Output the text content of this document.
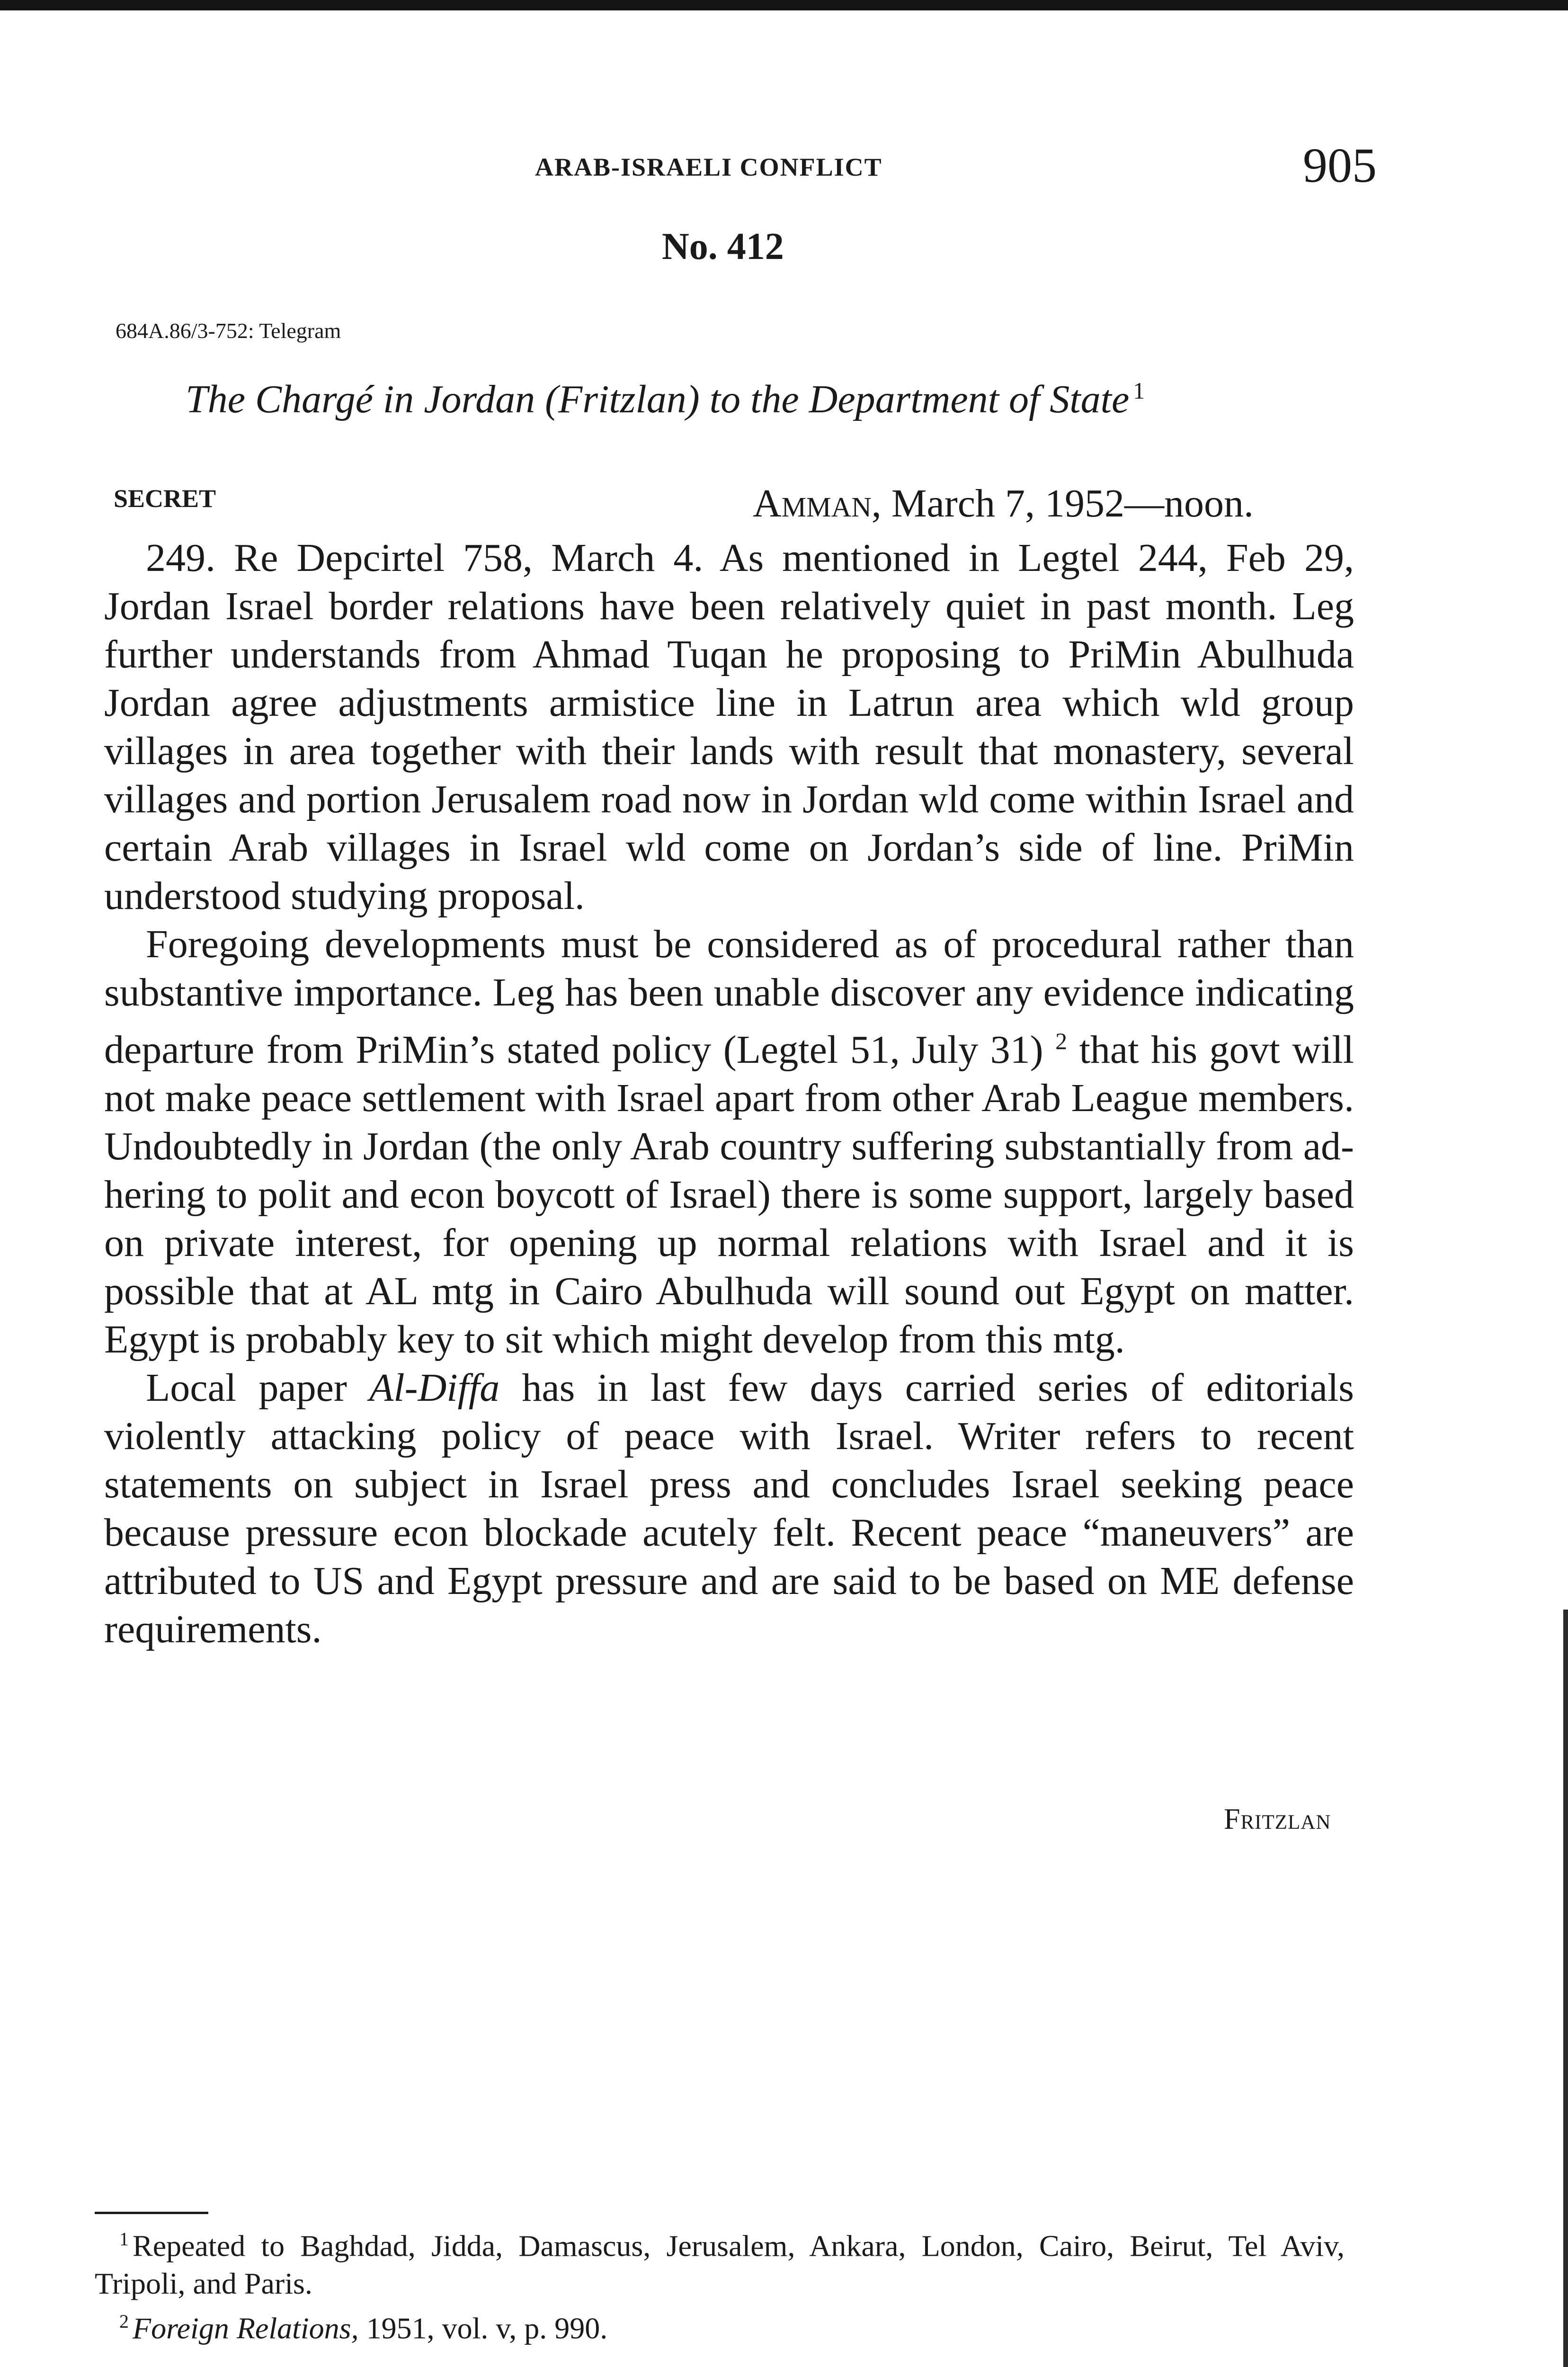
ARAB-ISRAELI CONFLICT	905
No. 412
684A.86/3-752: Telegram
The Chargé in Jordan (Fritzlan) to the Department of State $^1$
SECRET	Amman, March 7, 1952—noon.

249. Re Depcirtel 758, March 4. As mentioned in Legtel 244, Feb 29, Jordan Israel border relations have been relatively quiet in past month. Leg further understands from Ahmad Tuqan he proposing to PriMin Abulhuda Jordan agree adjustments armistice line in Latrun area which wld group villages in area together with their lands with result that monastery, several villages and portion Jerusalem road now in Jordan wld come within Israel and certain Arab villages in Israel wld come on Jordan’s side of line. PriMin understood studying proposal.

Foregoing developments must be considered as of procedural rather than substantive importance. Leg has been unable discover any evidence indicating departure from PriMin’s stated policy (Legtel 51, July 31) $^2$ that his govt will not make peace settlement with Israel apart from other Arab League members. Undoubtedly in Jordan (the only Arab country suffering substantially from adhering to polit and econ boycott of Israel) there is some support, largely based on private interest, for opening up normal relations with Israel and it is possible that at AL mtg in Cairo Abulhuda will sound out Egypt on matter. Egypt is probably key to sit which might develop from this mtg.

Local paper Al-Diffa has in last few days carried series of editorials violently attacking policy of peace with Israel. Writer refers to recent statements on subject in Israel press and concludes Israel seeking peace because pressure econ blockade acutely felt. Recent peace “maneuvers” are attributed to US and Egypt pressure and are said to be based on ME defense requirements.

Fritzlan

$^1$ Repeated to Baghdad, Jidda, Damascus, Jerusalem, Ankara, London, Cairo, Beirut, Tel Aviv, Tripoli, and Paris.

$^2$ Foreign Relations, 1951, vol. v, p. 990.
